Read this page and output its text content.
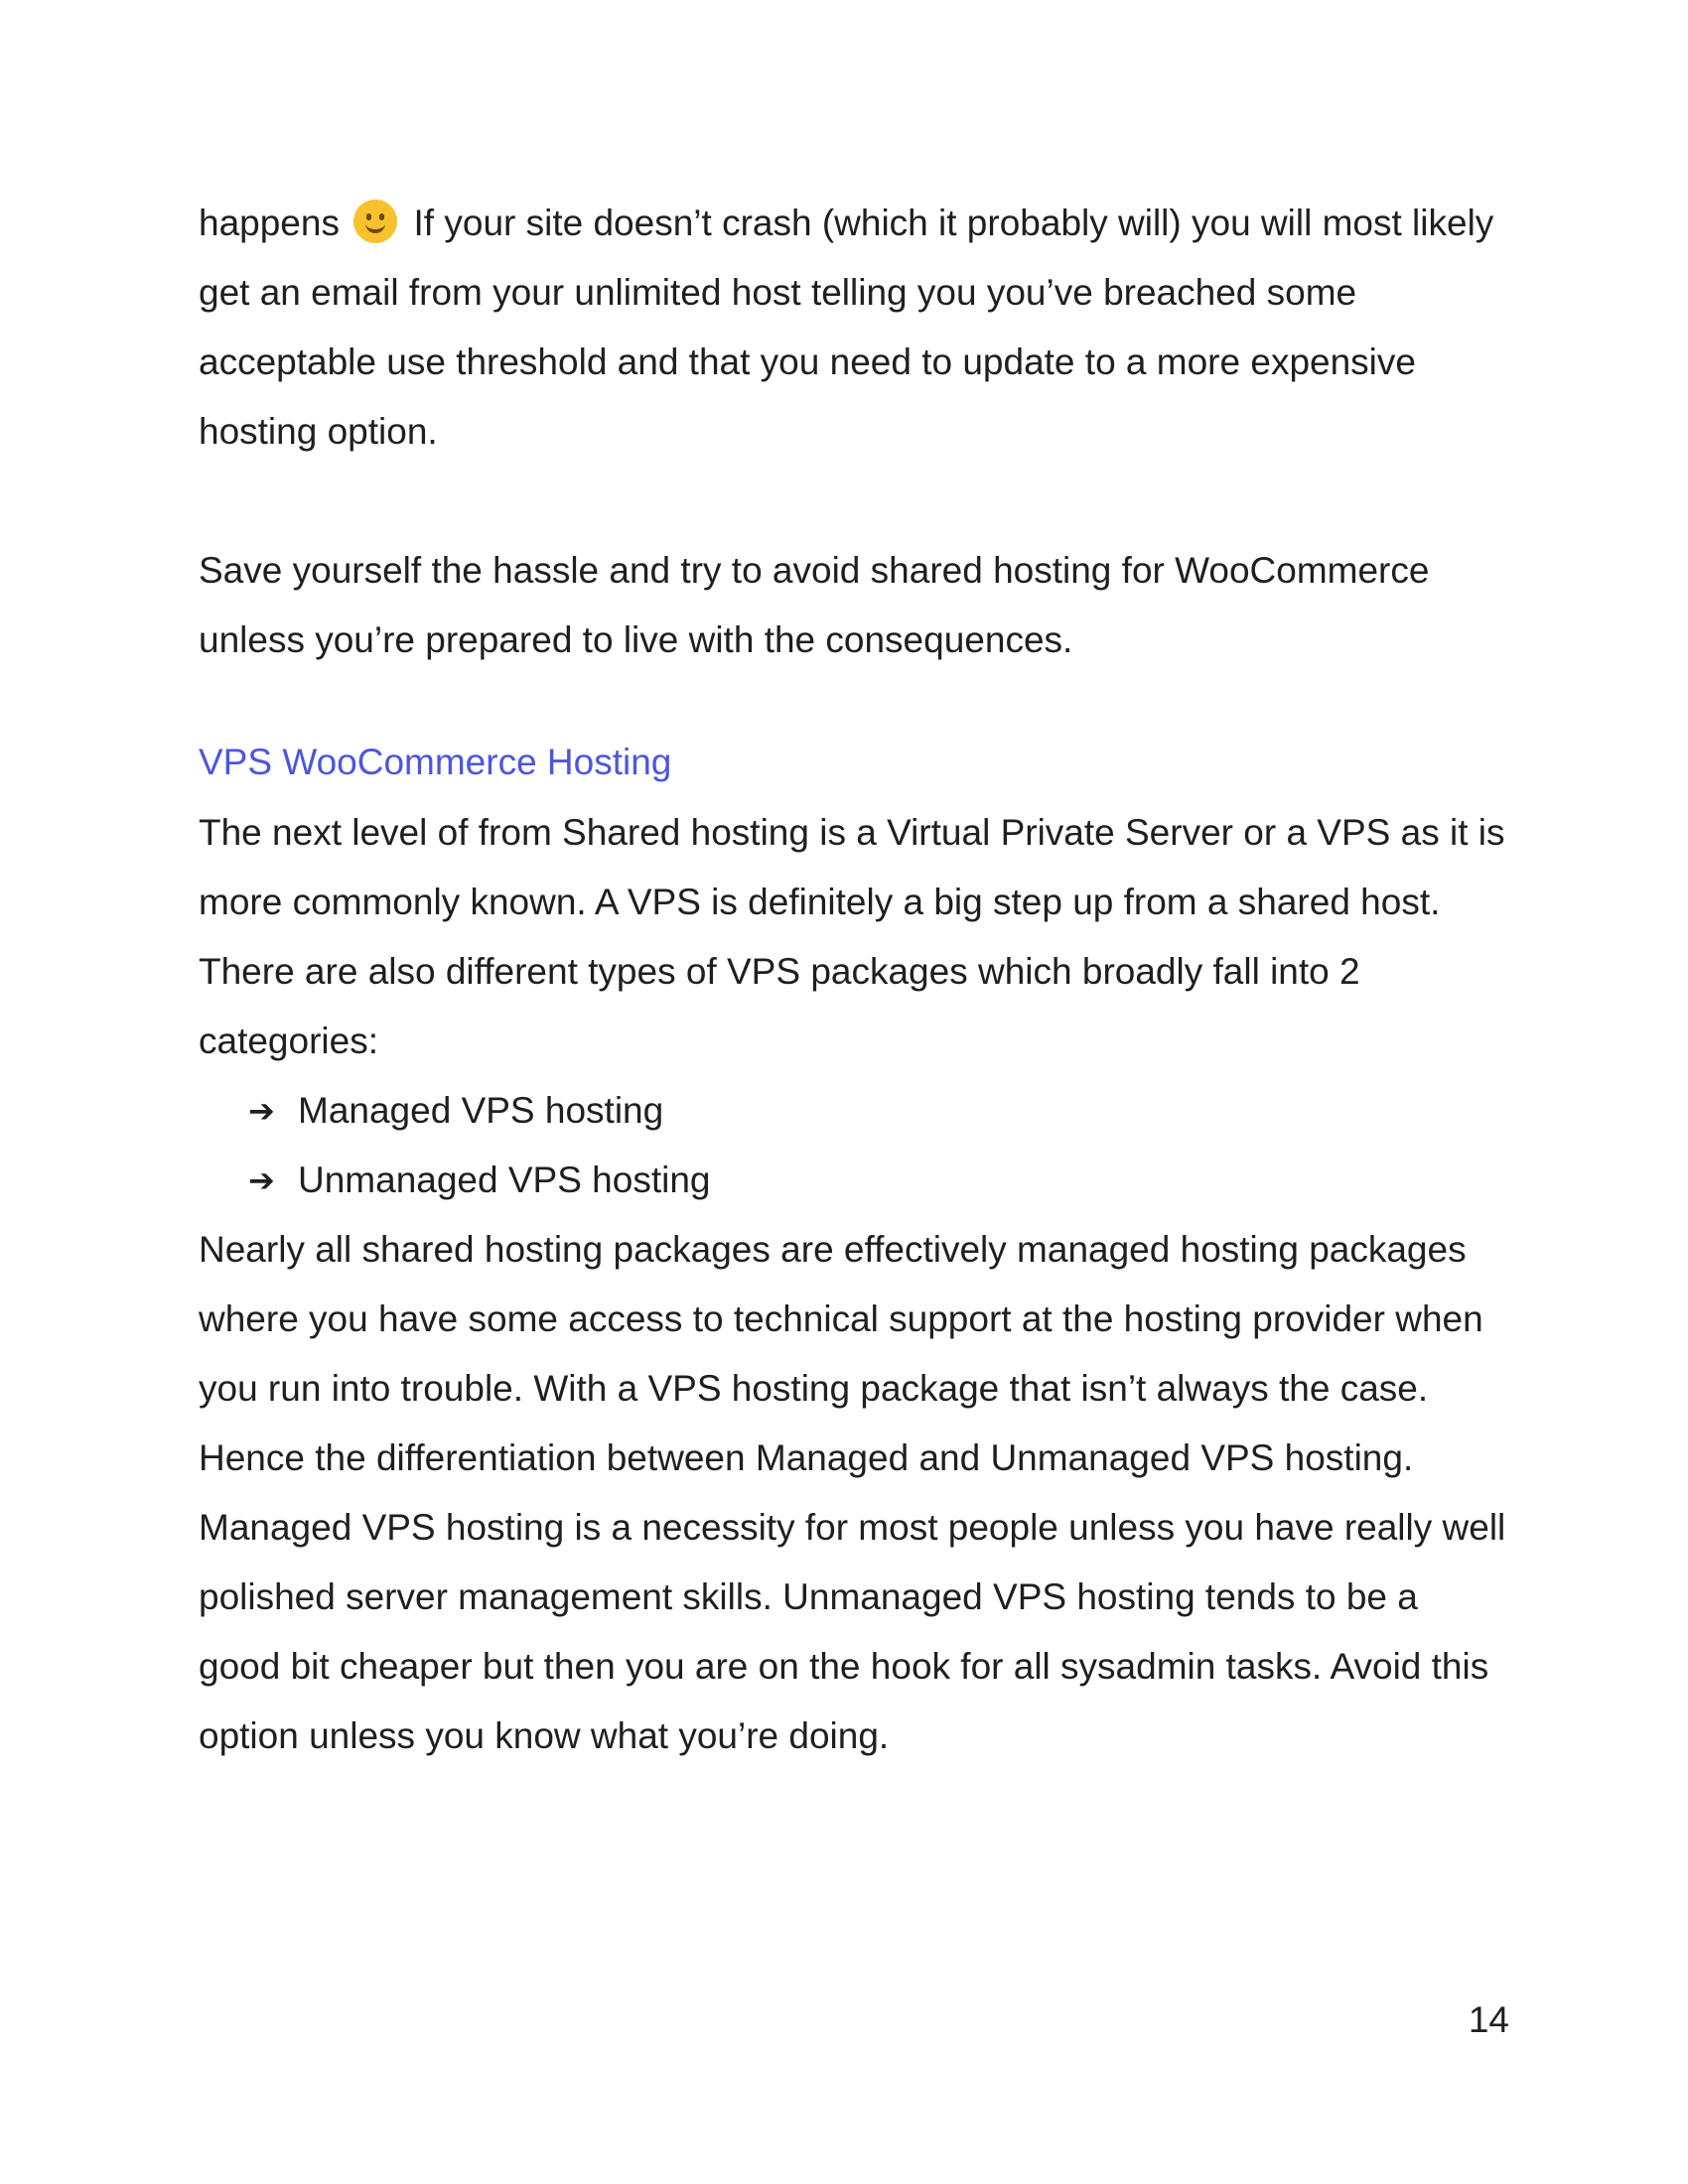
happens If your site doesn’t crash (which it probably will) you will most likely get an email from your unlimited host telling you you’ve breached some acceptable use threshold and that you need to update to a more expensive hosting option.

Save yourself the hassle and try to avoid shared hosting for WooCommerce unless you’re prepared to live with the consequences.

VPS WooCommerce Hosting

The next level of from Shared hosting is a Virtual Private Server or a VPS as it is more commonly known. A VPS is definitely a big step up from a shared host. There are also different types of VPS packages which broadly fall into 2 categories:

➔ Managed VPS hosting
➔ Unmanaged VPS hosting

Nearly all shared hosting packages are effectively managed hosting packages where you have some access to technical support at the hosting provider when you run into trouble. With a VPS hosting package that isn’t always the case. Hence the differentiation between Managed and Unmanaged VPS hosting. Managed VPS hosting is a necessity for most people unless you have really well polished server management skills. Unmanaged VPS hosting tends to be a good bit cheaper but then you are on the hook for all sysadmin tasks. Avoid this option unless you know what you’re doing.

14
